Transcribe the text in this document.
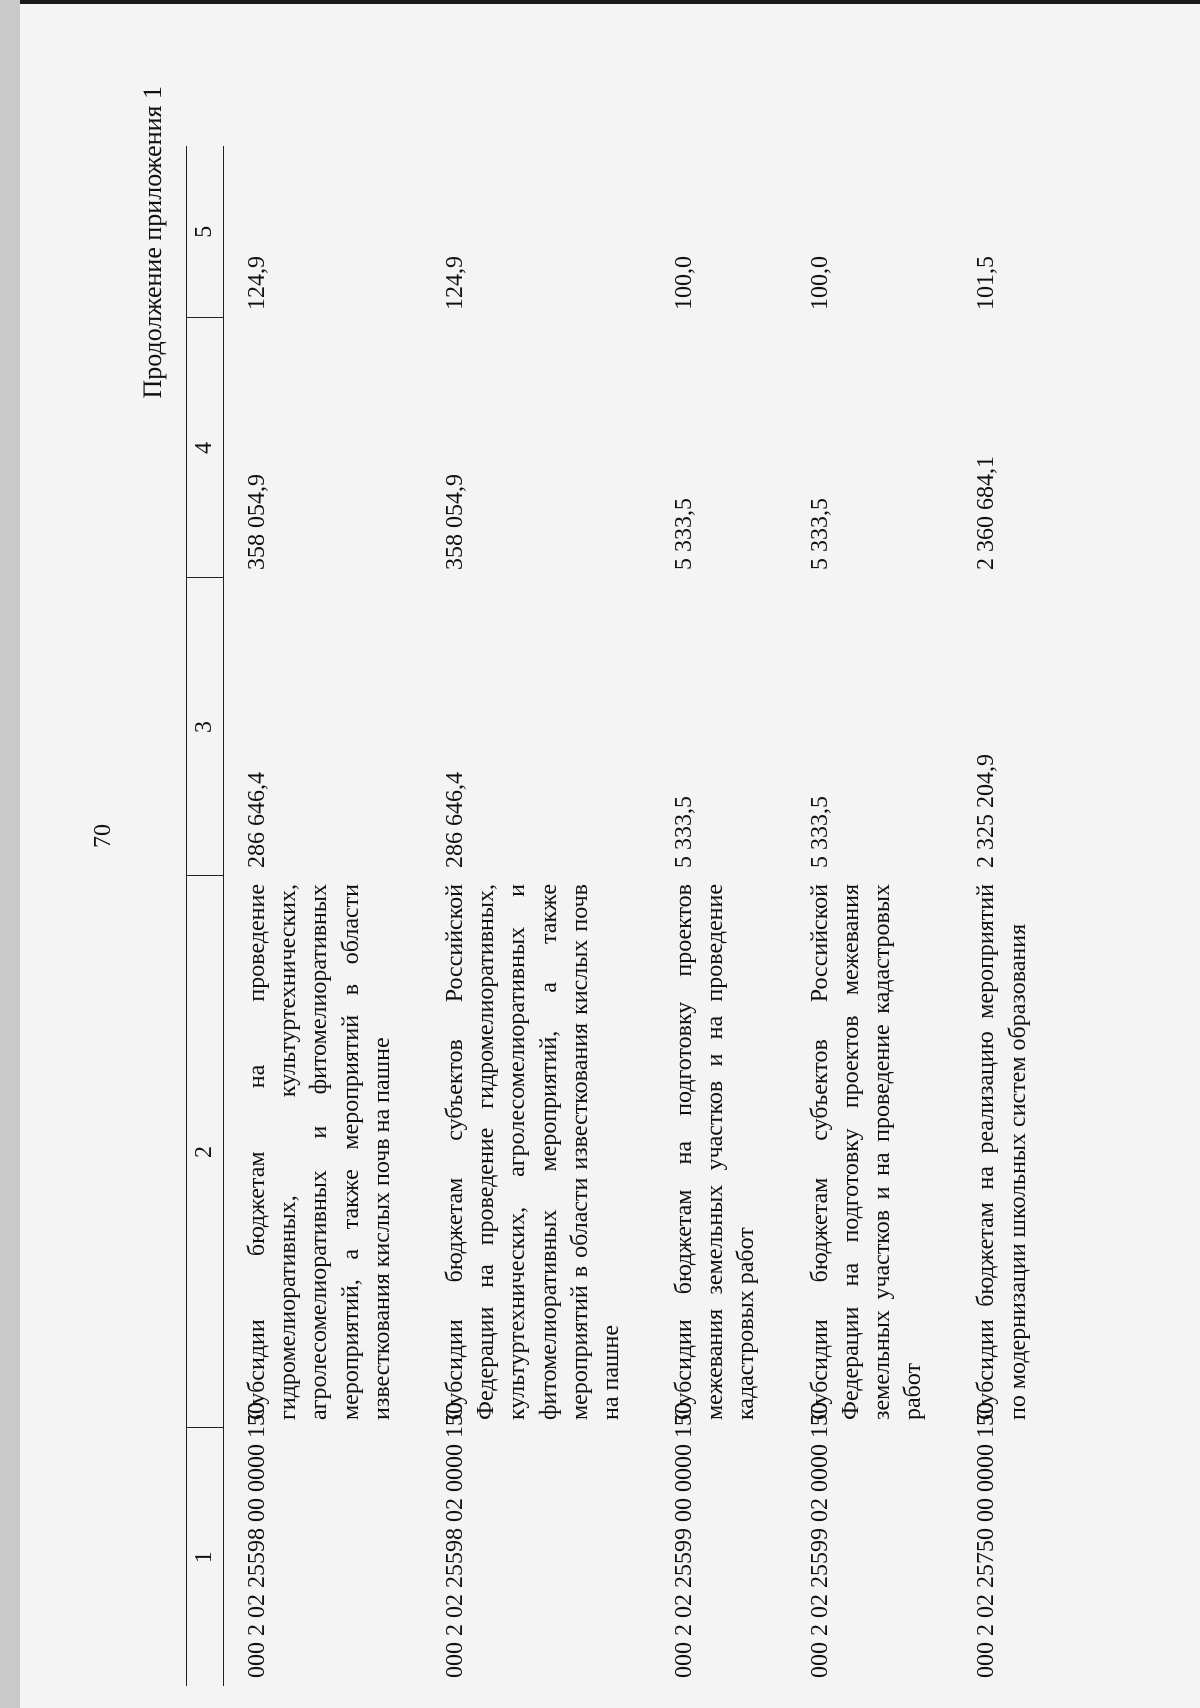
70
Продолжение приложения 1
1	2	3	4	5
000 2 02 25598 00 0000 150	Субсидии бюджетам на проведение гидромелиоративных, культуртехнических, агролесомелиоративных и фитомелиоративных мероприятий, а также мероприятий в области известкования кислых почв на пашне	286 646,4	358 054,9	124,9
000 2 02 25598 02 0000 150	Субсидии бюджетам субъектов Российской Федерации на проведение гидромелиоративных, культуртехнических, агролесомелиоративных и фитомелиоративных мероприятий, а также мероприятий в области известкования кислых почв на пашне	286 646,4	358 054,9	124,9
000 2 02 25599 00 0000 150	Субсидии бюджетам на подготовку проектов межевания земельных участков и на проведение кадастровых работ	5 333,5	5 333,5	100,0
000 2 02 25599 02 0000 150	Субсидии бюджетам субъектов Российской Федерации на подготовку проектов межевания земельных участков и на проведение кадастровых работ	5 333,5	5 333,5	100,0
000 2 02 25750 00 0000 150	Субсидии бюджетам на реализацию мероприятий по модернизации школьных систем образования	2 325 204,9	2 360 684,1	101,5
